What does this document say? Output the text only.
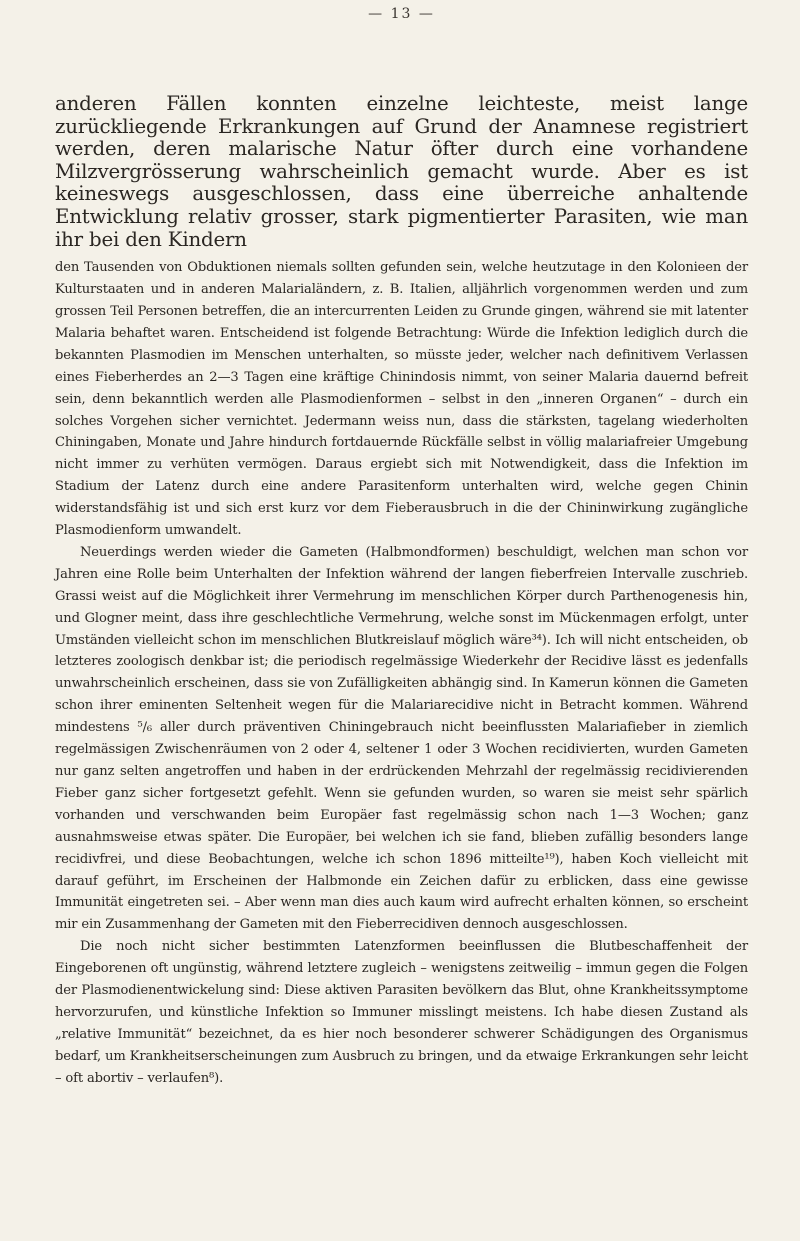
— 13 —
anderen Fällen konnten einzelne leichteste, meist lange zurückliegende Erkrankungen auf Grund der Anamnese registriert werden, deren malarische Natur öfter durch eine vorhandene Milzvergrösserung wahrscheinlich gemacht wurde. Aber es ist keineswegs ausgeschlossen, dass eine überreiche anhaltende Entwicklung relativ grosser, stark pigmentierter Parasiten, wie man ihr bei den Kindern

den Tausenden von Obduktionen niemals sollten gefunden sein, welche heutzutage in den Kolonieen der Kulturstaaten und in anderen Malarialändern, z. B. Italien, alljährlich vorgenommen werden und zum grossen Teil Personen betreffen, die an intercurrenten Leiden zu Grunde gingen, während sie mit latenter Malaria behaftet waren. Entscheidend ist folgende Betrachtung: Würde die Infektion lediglich durch die bekannten Plasmodien im Menschen unterhalten, so müsste jeder, welcher nach definitivem Verlassen eines Fieberherdes an 2—3 Tagen eine kräftige Chinindosis nimmt, von seiner Malaria dauernd befreit sein, denn bekanntlich werden alle Plasmodienformen – selbst in den „inneren Organen“ – durch ein solches Vorgehen sicher vernichtet. Jedermann weiss nun, dass die stärksten, tagelang wiederholten Chiningaben, Monate und Jahre hindurch fortdauernde Rückfälle selbst in völlig malariafreier Umgebung nicht immer zu verhüten vermögen. Daraus ergiebt sich mit Notwendigkeit, dass die Infektion im Stadium der Latenz durch eine andere Parasitenform unterhalten wird, welche gegen Chinin widerstandsfähig ist und sich erst kurz vor dem Fieberausbruch in die der Chininwirkung zugängliche Plasmodienform umwandelt.

Neuerdings werden wieder die Gameten (Halbmondformen) beschuldigt, welchen man schon vor Jahren eine Rolle beim Unterhalten der Infektion während der langen fieberfreien Intervalle zuschrieb. Grassi weist auf die Möglichkeit ihrer Vermehrung im menschlichen Körper durch Parthenogenesis hin, und Glogner meint, dass ihre geschlechtliche Vermehrung, welche sonst im Mückenmagen erfolgt, unter Umständen vielleicht schon im menschlichen Blutkreislauf möglich wäre³⁴). Ich will nicht entscheiden, ob letzteres zoologisch denkbar ist; die periodisch regelmässige Wiederkehr der Recidive lässt es jedenfalls unwahrscheinlich erscheinen, dass sie von Zufälligkeiten abhängig sind. In Kamerun können die Gameten schon ihrer eminenten Seltenheit wegen für die Malariarecidive nicht in Betracht kommen. Während mindestens ⁵/₆ aller durch präventiven Chiningebrauch nicht beeinflussten Malariafieber in ziemlich regelmässigen Zwischenräumen von 2 oder 4, seltener 1 oder 3 Wochen recidivierten, wurden Gameten nur ganz selten angetroffen und haben in der erdrückenden Mehrzahl der regelmässig recidivierenden Fieber ganz sicher fortgesetzt gefehlt. Wenn sie gefunden wurden, so waren sie meist sehr spärlich vorhanden und verschwanden beim Europäer fast regelmässig schon nach 1—3 Wochen; ganz ausnahmsweise etwas später. Die Europäer, bei welchen ich sie fand, blieben zufällig besonders lange recidivfrei, und diese Beobachtungen, welche ich schon 1896 mitteilte¹⁹), haben Koch vielleicht mit darauf geführt, im Erscheinen der Halbmonde ein Zeichen dafür zu erblicken, dass eine gewisse Immunität eingetreten sei. – Aber wenn man dies auch kaum wird aufrecht erhalten können, so erscheint mir ein Zusammenhang der Gameten mit den Fieberrecidiven dennoch ausgeschlossen.

Die noch nicht sicher bestimmten Latenzformen beeinflussen die Blutbeschaffenheit der Eingeborenen oft ungünstig, während letztere zugleich – wenigstens zeitweilig – immun gegen die Folgen der Plasmodienentwickelung sind: Diese aktiven Parasiten bevölkern das Blut, ohne Krankheitssymptome hervorzurufen, und künstliche Infektion so Immuner misslingt meistens. Ich habe diesen Zustand als „relative Immunität“ bezeichnet, da es hier noch besonderer schwerer Schädigungen des Organismus bedarf, um Krankheitserscheinungen zum Ausbruch zu bringen, und da etwaige Erkrankungen sehr leicht – oft abortiv – verlaufen⁸).
